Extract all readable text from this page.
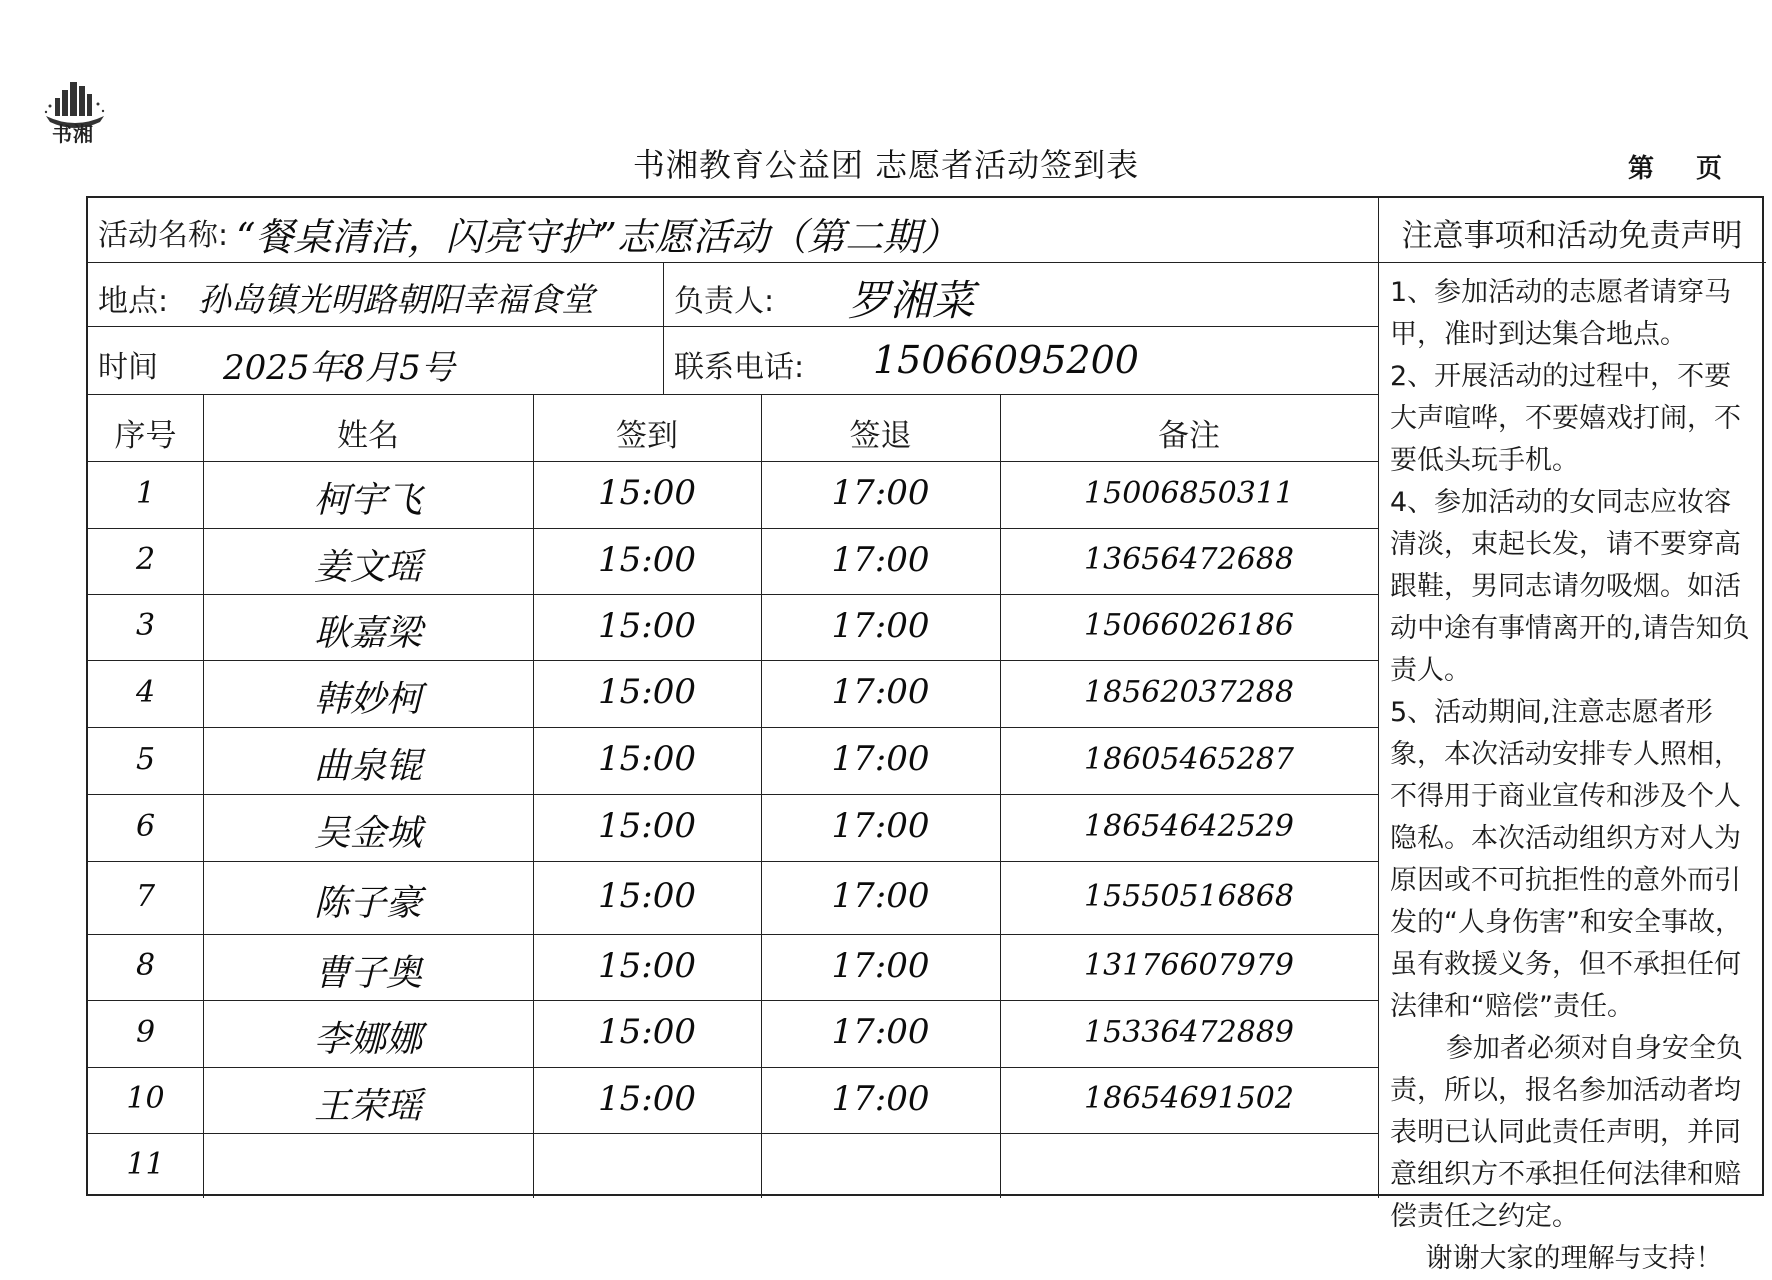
书湘
书湘教育公益团 志愿者活动签到表	第 页
活动名称: “餐桌清洁，闪亮守护”志愿活动（第二期）
地点: 孙岛镇光明路朝阳幸福食堂	负责人: 罗湘菜
时间 2025年8月5号	联系电话: 15066095200
序号	姓名	签到	签退	备注
1	柯宇飞	15:00	17:00	15006850311
2	姜文瑶	15:00	17:00	13656472688
3	耿嘉梁	15:00	17:00	15066026186
4	韩妙柯	15:00	17:00	18562037288
5	曲泉锟	15:00	17:00	18605465287
6	吴金城	15:00	17:00	18654642529
7	陈子豪	15:00	17:00	15550516868
8	曹子奥	15:00	17:00	13176607979
9	李娜娜	15:00	17:00	15336472889
10	王荣瑶	15:00	17:00	18654691502
11
注意事项和活动免责声明

1、参加活动的志愿者请穿马甲，准时到达集合地点。

2、开展活动的过程中，不要大声喧哗，不要嬉戏打闹，不要低头玩手机。

4、参加活动的女同志应妆容清淡，束起长发，请不要穿高跟鞋，男同志请勿吸烟。如活动中途有事情离开的,请告知负责人。

5、活动期间,注意志愿者形象，本次活动安排专人照相，不得用于商业宣传和涉及个人隐私。本次活动组织方对人为原因或不可抗拒性的意外而引发的“人身伤害”和安全事故，虽有救援义务，但不承担任何法律和“赔偿”责任。

参加者必须对自身安全负责，所以，报名参加活动者均表明已认同此责任声明，并同意组织方不承担任何法律和赔偿责任之约定。

谢谢大家的理解与支持！
